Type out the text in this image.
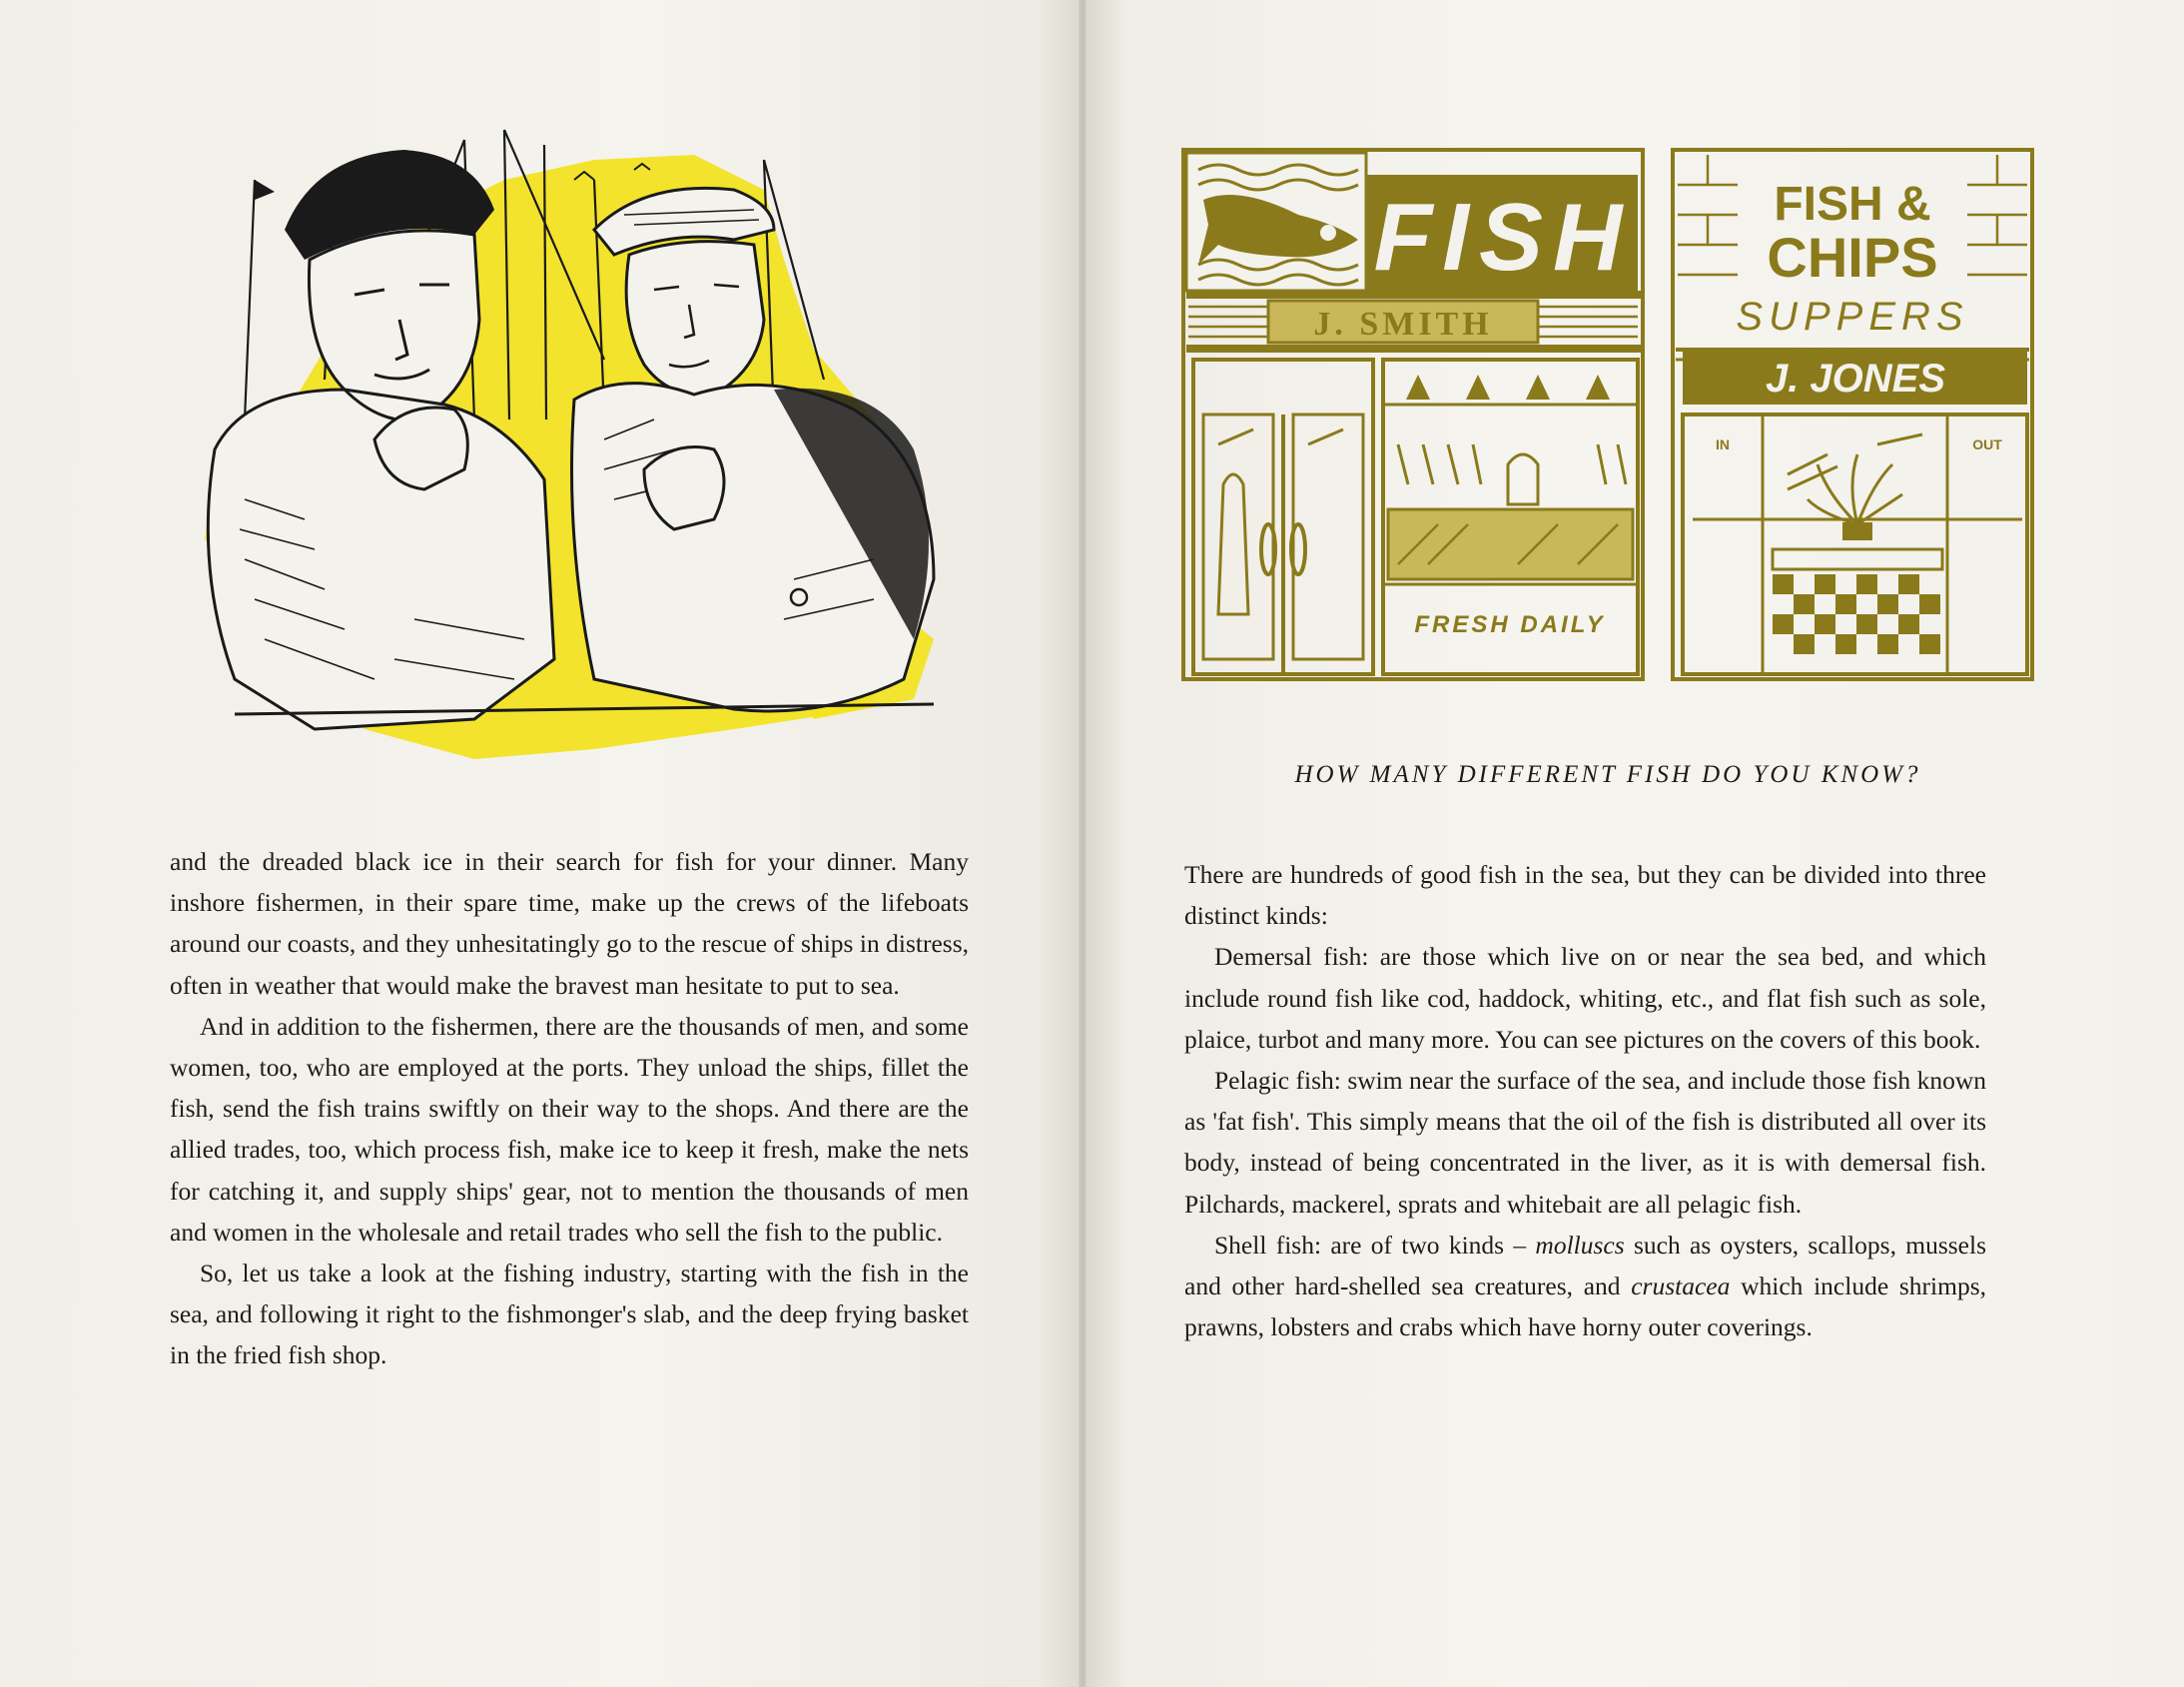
FISH
J. SMITH
FRESH DAILY
FISH &
CHIPS
SUPPERS
J. JONES
IN	OUT

HOW MANY DIFFERENT FISH DO YOU KNOW?

and the dreaded black ice in their search for fish for your dinner. Many inshore fishermen, in their spare time, make up the crews of the lifeboats around our coasts, and they unhesitatingly go to the rescue of ships in distress, often in weather that would make the bravest man hesitate to put to sea.

And in addition to the fishermen, there are the thousands of men, and some women, too, who are employed at the ports. They unload the ships, fillet the fish, send the fish trains swiftly on their way to the shops. And there are the allied trades, too, which process fish, make ice to keep it fresh, make the nets for catching it, and supply ships' gear, not to mention the thousands of men and women in the wholesale and retail trades who sell the fish to the public.

So, let us take a look at the fishing industry, starting with the fish in the sea, and following it right to the fishmonger's slab, and the deep frying basket in the fried fish shop.

There are hundreds of good fish in the sea, but they can be divided into three distinct kinds:

Demersal fish: are those which live on or near the sea bed, and which include round fish like cod, haddock, whiting, etc., and flat fish such as sole, plaice, turbot and many more. You can see pictures on the covers of this book.

Pelagic fish: swim near the surface of the sea, and include those fish known as 'fat fish'. This simply means that the oil of the fish is distributed all over its body, instead of being concentrated in the liver, as it is with demersal fish. Pilchards, mackerel, sprats and whitebait are all pelagic fish.

Shell fish: are of two kinds – molluscs such as oysters, scallops, mussels and other hard-shelled sea creatures, and crustacea which include shrimps, prawns, lobsters and crabs which have horny outer coverings.
